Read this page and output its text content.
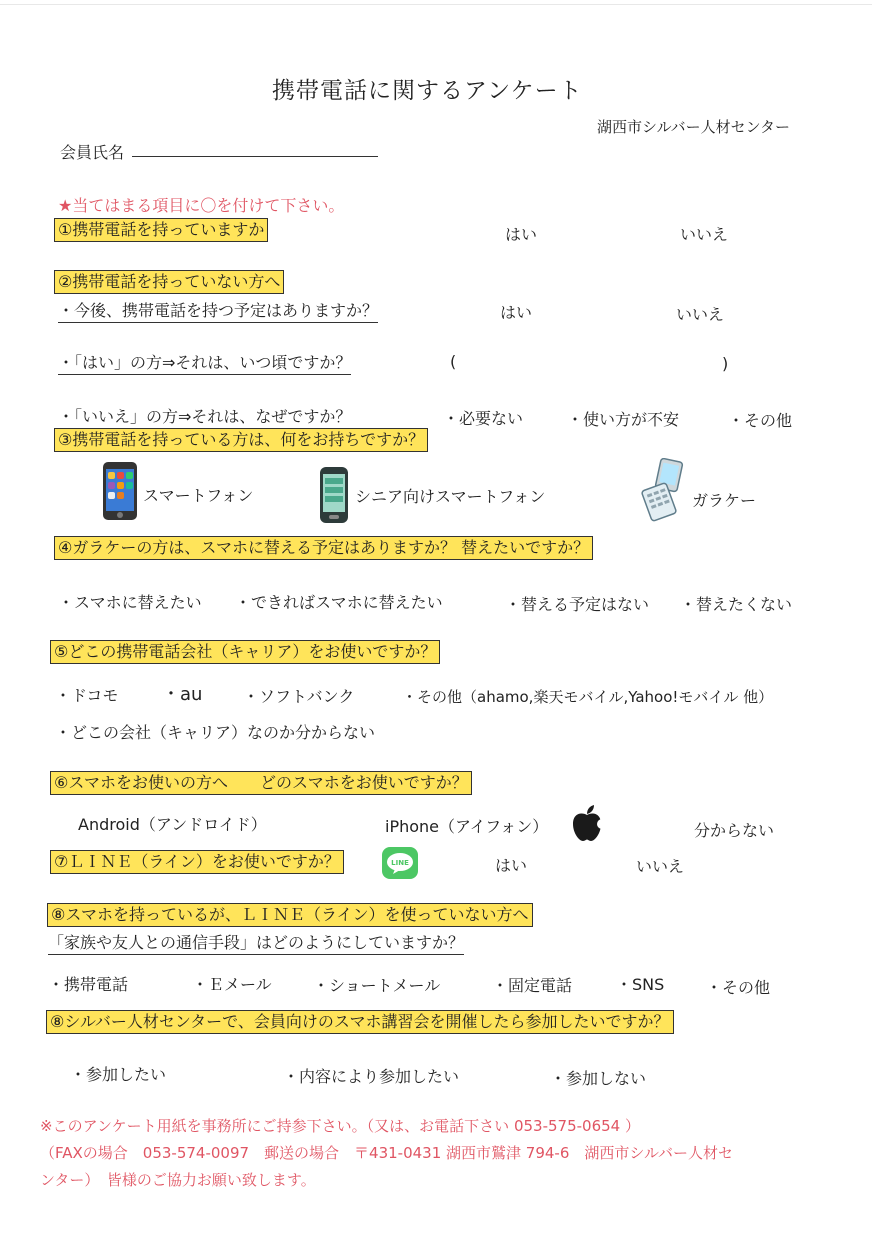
携帯電話に関するアンケート
湖西市シルバー人材センター
会員氏名
★当てはまる項目に〇を付けて下さい。
①携帯電話を持っていますか	はい	いいえ
②携帯電話を持っていない方へ
・今後、携帯電話を持つ予定はありますか？	はい	いいえ
・「はい」の方⇒それは、いつ頃ですか？	(	)
・「いいえ」の方⇒それは、なぜですか？	・必要ない	・使い方が不安	・その他
③携帯電話を持っている方は、何をお持ちですか？
スマートフォン	シニア向けスマートフォン	ガラケー
④ガラケーの方は、スマホに替える予定はありますか？ 替えたいですか？
・スマホに替えたい ・できればスマホに替えたい	・替える予定はない ・替えたくない
⑤どこの携帯電話会社（キャリア）をお使いですか？
・ドコモ ・au	・ソフトバンク	・その他（ahamo,楽天モバイル,Yahoo!モバイル 他）
・どこの会社（キャリア）なのか分からない
⑥スマホをお使いの方へ　　どのスマホをお使いですか？
Android（アンドロイド）	iPhone（アイフォン）	分からない
⑦ＬＩＮＥ（ライン）をお使いですか？	LINE	はい	いいえ
⑧スマホを持っているが、ＬＩＮＥ（ライン）を使っていない方へ
「家族や友人との通信手段」はどのようにしていますか？
・携帯電話	・Ｅメール	・ショートメール	・固定電話	・SNS	・その他
⑧シルバー人材センターで、会員向けのスマホ講習会を開催したら参加したいですか？
・参加したい	・内容により参加したい	・参加しない
※このアンケート用紙を事務所にご持参下さい。（又は、お電話下さい 053-575-0654 ）
（FAXの場合　053-574-0097　郵送の場合　〒431-0431 湖西市鷲津 794-6　湖西市シルバー人材セ
ンター）　皆様のご協力お願い致します。
